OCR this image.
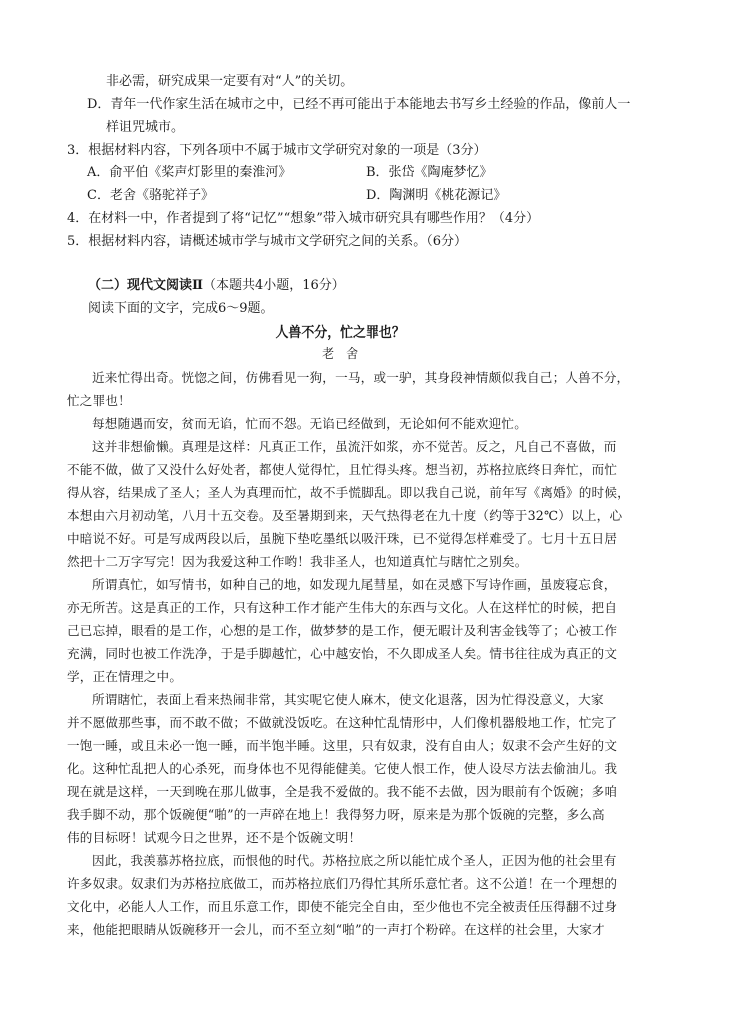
非必需，研究成果一定要有对“人”的关切。
D．青年一代作家生活在城市之中，已经不再可能出于本能地去书写乡土经验的作品，像前人一
样诅咒城市。
3．根据材料内容，下列各项中不属于城市文学研究对象的一项是（3分）
A．俞平伯《桨声灯影里的秦淮河》	B．张岱《陶庵梦忆》
C．老舍《骆驼祥子》	D．陶渊明《桃花源记》
4．在材料一中，作者提到了将“记忆”“想象”带入城市研究具有哪些作用？（4分）
5．根据材料内容，请概述城市学与城市文学研究之间的关系。（6分）
（二）现代文阅读Ⅱ（本题共4小题，16分）
阅读下面的文字，完成6～9题。
人兽不分，忙之罪也？
老　舍
近来忙得出奇。恍惚之间，仿佛看见一狗，一马，或一驴，其身段神情颇似我自己；人兽不分，
忙之罪也！
每想随遇而安，贫而无谄，忙而不怨。无谄已经做到，无论如何不能欢迎忙。
这并非想偷懒。真理是这样：凡真正工作，虽流汗如浆，亦不觉苦。反之，凡自己不喜做，而
不能不做，做了又没什么好处者，都使人觉得忙，且忙得头疼。想当初，苏格拉底终日奔忙，而忙
得从容，结果成了圣人；圣人为真理而忙，故不手慌脚乱。即以我自己说，前年写《离婚》的时候，
本想由六月初动笔，八月十五交卷。及至暑期到来，天气热得老在九十度（约等于32℃）以上，心
中暗说不好。可是写成两段以后，虽腕下垫吃墨纸以吸汗珠，已不觉得怎样难受了。七月十五日居
然把十二万字写完！因为我爱这种工作哟！我非圣人，也知道真忙与瞎忙之别矣。
所谓真忙，如写情书，如种自己的地，如发现九尾彗星，如在灵感下写诗作画，虽废寝忘食，
亦无所苦。这是真正的工作，只有这种工作才能产生伟大的东西与文化。人在这样忙的时候，把自
己已忘掉，眼看的是工作，心想的是工作，做梦梦的是工作，便无暇计及利害金钱等了；心被工作
充满，同时也被工作洗净，于是手脚越忙，心中越安怡，不久即成圣人矣。情书往往成为真正的文
学，正在情理之中。
所谓瞎忙，表面上看来热闹非常，其实呢它使人麻木，使文化退落，因为忙得没意义，大家
并不愿做那些事，而不敢不做；不做就没饭吃。在这种忙乱情形中，人们像机器般地工作，忙完了
一饱一睡，或且未必一饱一睡，而半饱半睡。这里，只有奴隶，没有自由人；奴隶不会产生好的文
化。这种忙乱把人的心杀死，而身体也不见得能健美。它使人恨工作，使人设尽方法去偷油儿。我
现在就是这样，一天到晚在那儿做事，全是我不爱做的。我不能不去做，因为眼前有个饭碗；多咱
我手脚不动，那个饭碗便“啪”的一声碎在地上！我得努力呀，原来是为那个饭碗的完整，多么高
伟的目标呀！试观今日之世界，还不是个饭碗文明！
因此，我羡慕苏格拉底，而恨他的时代。苏格拉底之所以能忙成个圣人，正因为他的社会里有
许多奴隶。奴隶们为苏格拉底做工，而苏格拉底们乃得忙其所乐意忙者。这不公道！在一个理想的
文化中，必能人人工作，而且乐意工作，即使不能完全自由，至少他也不完全被责任压得翻不过身
来，他能把眼睛从饭碗移开一会儿，而不至立刻“啪”的一声打个粉碎。在这样的社会里，大家才
